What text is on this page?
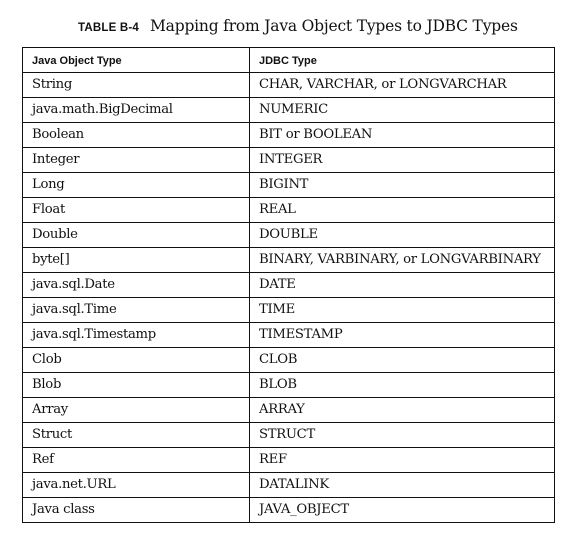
TABLE B-4 Mapping from Java Object Types to JDBC Types
Java Object Type	JDBC Type
String	CHAR, VARCHAR, or LONGVARCHAR
java.math.BigDecimal	NUMERIC
Boolean	BIT or BOOLEAN
Integer	INTEGER
Long	BIGINT
Float	REAL
Double	DOUBLE
byte[]	BINARY, VARBINARY, or LONGVARBINARY
java.sql.Date	DATE
java.sql.Time	TIME
java.sql.Timestamp	TIMESTAMP
Clob	CLOB
Blob	BLOB
Array	ARRAY
Struct	STRUCT
Ref	REF
java.net.URL	DATALINK
Java class	JAVA_OBJECT
